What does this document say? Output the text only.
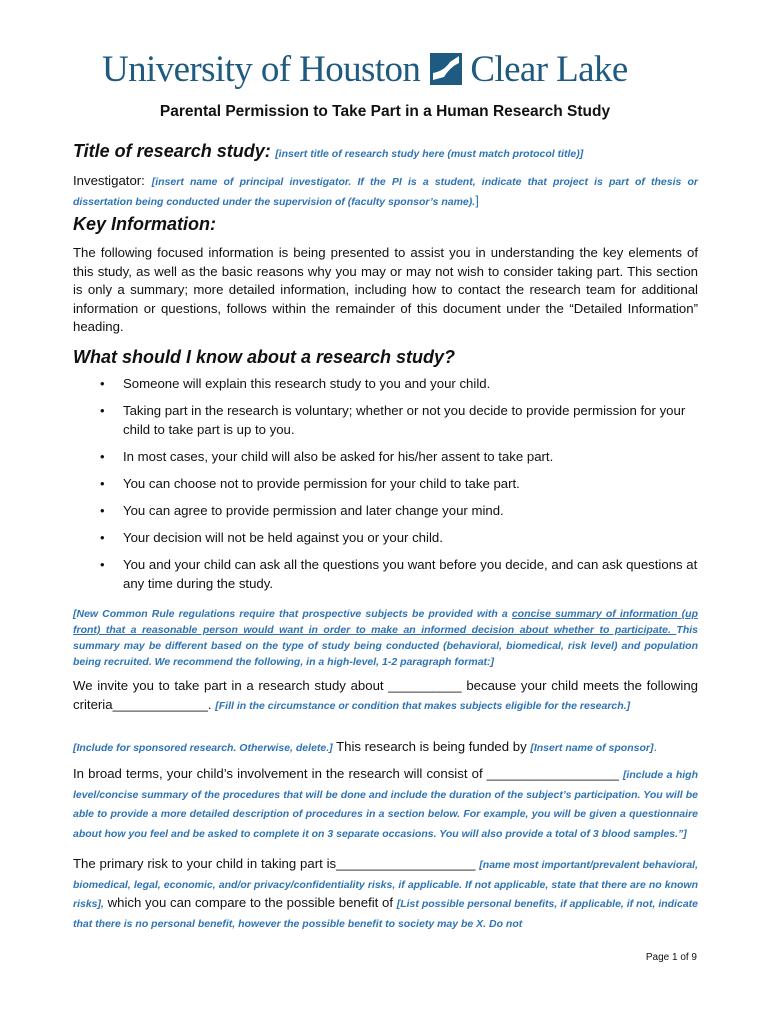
University of Houston Clear Lake
Parental Permission to Take Part in a Human Research Study
Title of research study: [insert title of research study here (must match protocol title)]
Investigator: [insert name of principal investigator. If the PI is a student, indicate that project is part of thesis or dissertation being conducted under the supervision of (faculty sponsor’s name).]
Key Information:
The following focused information is being presented to assist you in understanding the key elements of this study, as well as the basic reasons why you may or may not wish to consider taking part. This section is only a summary; more detailed information, including how to contact the research team for additional information or questions, follows within the remainder of this document under the “Detailed Information” heading.
What should I know about a research study?
• Someone will explain this research study to you and your child.
• Taking part in the research is voluntary; whether or not you decide to provide permission for your child to take part is up to you.
• In most cases, your child will also be asked for his/her assent to take part.
• You can choose not to provide permission for your child to take part.
• You can agree to provide permission and later change your mind.
• Your decision will not be held against you or your child.
• You and your child can ask all the questions you want before you decide, and can ask questions at any time during the study.
[New Common Rule regulations require that prospective subjects be provided with a concise summary of information (up front) that a reasonable person would want in order to make an informed decision about whether to participate. This summary may be different based on the type of study being conducted (behavioral, biomedical, risk level) and population being recruited. We recommend the following, in a high-level, 1-2 paragraph format:]
We invite you to take part in a research study about __________ because your child meets the following criteria_____________. [Fill in the circumstance or condition that makes subjects eligible for the research.]
[Include for sponsored research. Otherwise, delete.] This research is being funded by [Insert name of sponsor].
In broad terms, your child’s involvement in the research will consist of __________________ [include a high level/concise summary of the procedures that will be done and include the duration of the subject’s participation. You will be able to provide a more detailed description of procedures in a section below. For example, you will be given a questionnaire about how you feel and be asked to complete it on 3 separate occasions. You will also provide a total of 3 blood samples.”]
The primary risk to your child in taking part is___________________ [name most important/prevalent behavioral, biomedical, legal, economic, and/or privacy/confidentiality risks, if applicable. If not applicable, state that there are no known risks], which you can compare to the possible benefit of [List possible personal benefits, if applicable, if not, indicate that there is no personal benefit, however the possible benefit to society may be X. Do not
Page 1 of 9
